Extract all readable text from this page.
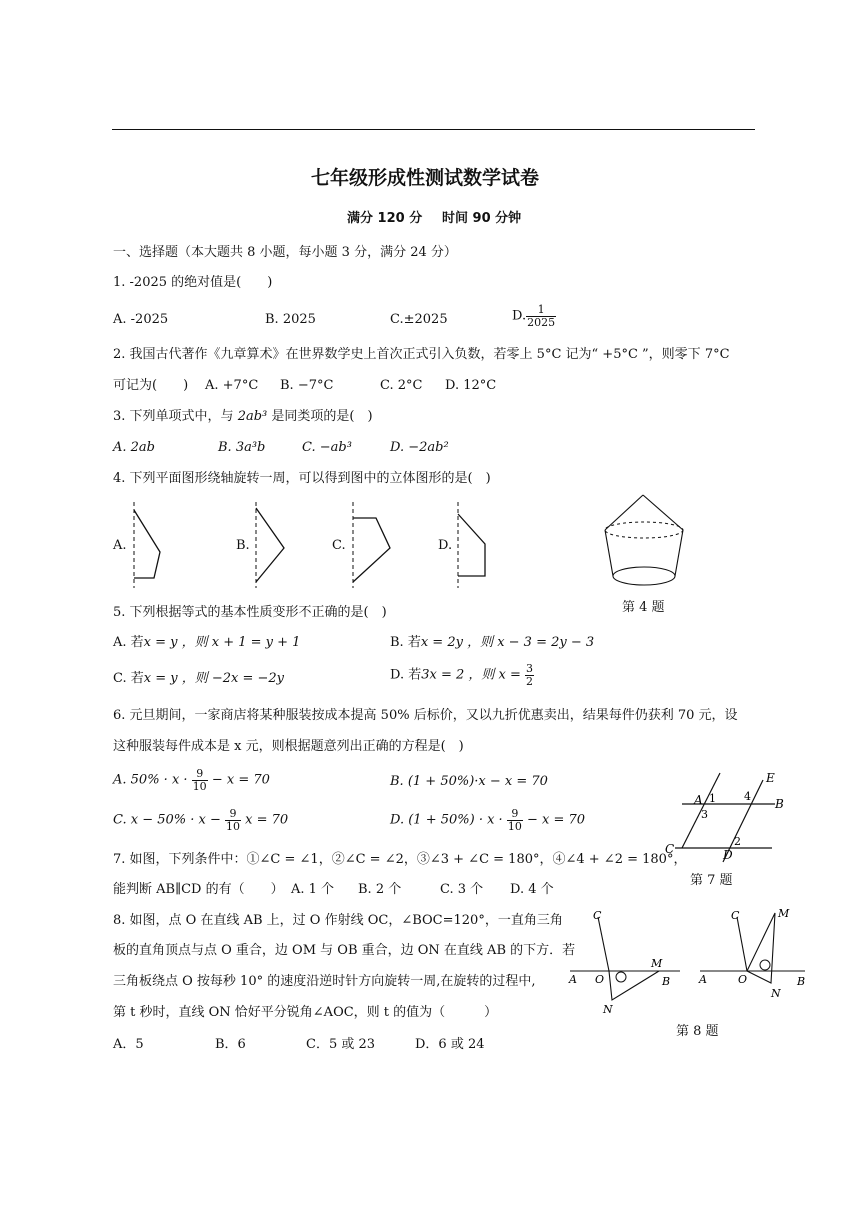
七年级形成性测试数学试卷
满分 120 分 时间 90 分钟
一、选择题（本大题共 8 小题，每小题 3 分，满分 24 分）
1. -2025 的绝对值是(　　)
A. -2025	B. 2025	C.±2025	D. $\frac{1}{2025}$
2. 我国古代著作《九章算术》在世界数学史上首次正式引入负数，若零上 5°C 记为“ +5°C ”，则零下 7°C
可记为(　　) A. +7°C B. −7°C	C. 2°C D. 12°C
3. 下列单项式中，与 2ab³ 是同类项的是(　)
A. 2ab	B. 3a³b	C. −ab³	D. −2ab²
4. 下列平面图形绕轴旋转一周，可以得到图中的立体图形的是(　)
A.	B.	C.	D.
第 4 题
5. 下列根据等式的基本性质变形不正确的是(　)
A. 若x = y ，则 x + 1 = y + 1	B. 若x = 2y ，则 x − 3 = 2y − 3
C. 若x = y ，则 −2x = −2y	D. 若3x = 2 ，则 $x = \frac{3}{2}$
6. 元旦期间，一家商店将某种服装按成本提高 50% 后标价，又以九折优惠卖出，结果每件仍获利 70 元，设
这种服装每件成本是 x 元，则根据题意列出正确的方程是(　)
A. $50\% \cdot x \cdot \frac{9}{10} - x = 70$	B. (1 + 50%)·x − x = 70
C. $x - 50\% \cdot x - \frac{9}{10}$ x = 70	D. $(1 + 50\%) \cdot x \cdot \frac{9}{10} - x = 70$
E
A	B
C	D
1
2
3
4
7. 如图，下列条件中：①∠C = ∠1，②∠C = ∠2，③∠3 + ∠C = 180°，④∠4 + ∠2 = 180°，
能判断 AB∥CD 的有（　　） A. 1 个 B. 2 个	C. 3 个 D. 4 个
第 7 题
8. 如图，点 O 在直线 AB 上，过 O 作射线 OC，∠BOC=120°，一直角三角
板的直角顶点与点 O 重合，边 OM 与 OB 重合，边 ON 在直线 AB 的下方．若
三角板绕点 O 按每秒 10° 的速度沿逆时针方向旋转一周,在旋转的过程中,
第 t 秒时，直线 ON 恰好平分锐角∠AOC，则 t 的值为（　　　）
A．5	B．6	C．5 或 23	D．6 或 24
C
A O
M
B
N
C	M
A	O	B
N
第 8 题
